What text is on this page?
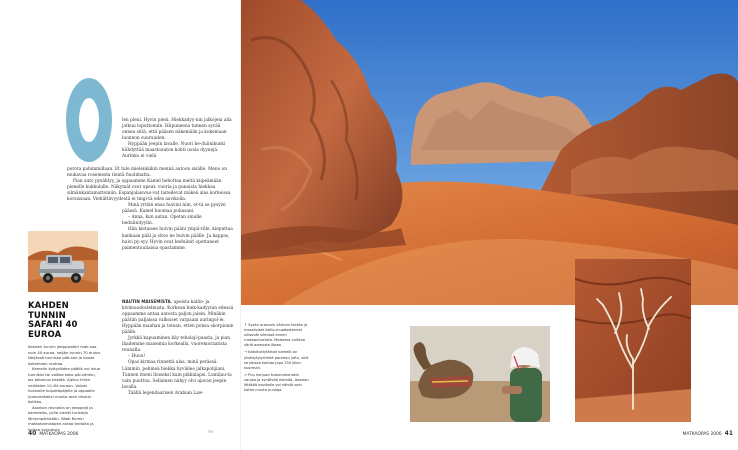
len pieni. Hyvin pieni. Hiekkadyy-nin jalkojeni alla jatkuu loputtomiin. Hiipuneena tunnen syvää onnea siitä, että pääsen näkemään ja kokemaan luonnon suuruuden.

Hyppään jeepin lavalle. Nuori be-duiinikuski kiihdyttää maastoauton kohti uusia dyynejä. Aurinko ei vielä

porota pahimmillaan. Et tule mielenkiikin mennä autoon sisälle. Meno on mukavaa roseinesta tientä fiuolimatta.

Pian auto pysähtyy, ja oppaamme Kamel hehottaa meitä kiipeämään pienelle kukkulalle. Näkymät ovat upeat: vuoria ja punaista hiekkaa silmänkantamattomiin. Espanjalaisvuo-vat taiteilevat mäkeä alas korkeissa korsissaan. Viehättävyydestä ei tingi-tä edes aavikolla.

Minä yritän ensa huivini niin, et-tä se pysyisi päässä. Kamel huomaa puliasani.

– Anna, kun autan. Opetan sinulle beduiinityylin.

Hän kietaisee huivin pääni ympä-rille, kieputtaa kankaan pääl ja sitoo ne huivin päälle. Ja kappas, huivi py-syy. Hyvin ovat beduiinit opettaneet paimentuuliaisia opastamme.

NAUTIN MAISEMISTA, upeista kallio- ja kivimuodostelmista. Korkean hiek-kadyynin edessä oppaamme antaa autosta paljon jalein. Minäkin päätän paljaissa valkoiset varpaani auringol-le. Hyppään maahan ja totean, etten ponsa skorpionin päälle.

Jyrkkä kapuaminen käy teholaji-paasta, ja pian ihailemme maisemia korkealla, vuoremoraatista reunalla.

– Huuu!

Opas kirmaa rinnettä alas, minä perässä. Lämmin, pehmeä hiekka hyväilee jalkapohjiani. Tunnen itseni lloiseksi kuin pikkulapsi. Lumilau-ta vain puuttuu. Sellainen näkyy olvi ajavan jeepin lavalla.

Täällä legendaarisen Arabian Law-

KAHDEN TUNNIN SAFARI 40 EUROA

Kahden tunnin jeeppisafari mak-saa noin 40 euroa, neljän tunnin 70 euroa. Neljässä tunnissa pää-see jo kauas kokemaan rauhaa.

Kamelin kyttyröiden päällä voi istua tunnikisi tai vaikka koko päi-vänkin, jos takamus kestää. Ajelun hinta vaihtelee 10–64 euroon. Vaivat hoviselle kulpetöpöjelle ja oppaalle juomarahaksi muuta-man dinarin kolikko.

Aavikon reunoilla on jeeppejä ja kameleita, joilla vievät turisteja lähiympäristöön. Wadi Rumin matkatoimistojen antaa tiedoita ja hoitaa varauksia.

40 MATKAOPAS 2006	TH

↑ Sysän oranssin värinen hiekka ja massiiviset kallio-muodostelmat vilisevät silmissä ennen ruskaantumista. Maisema vaihtaa väriä aamusta iltaan.

→ Katsikuttytärtori kamelit on ylväitytytynteitä parempi juttu, sillä se jaksaa kantaa jopa 250 kilon kuorman.

↗ Puu horjuaa tuskonneenakin vanjaa ja syntävää elämää. Akasian lätäköä aavikolla voi nähdä vain kahta muuta puulaja.

MATKAOPAS 2006 41
